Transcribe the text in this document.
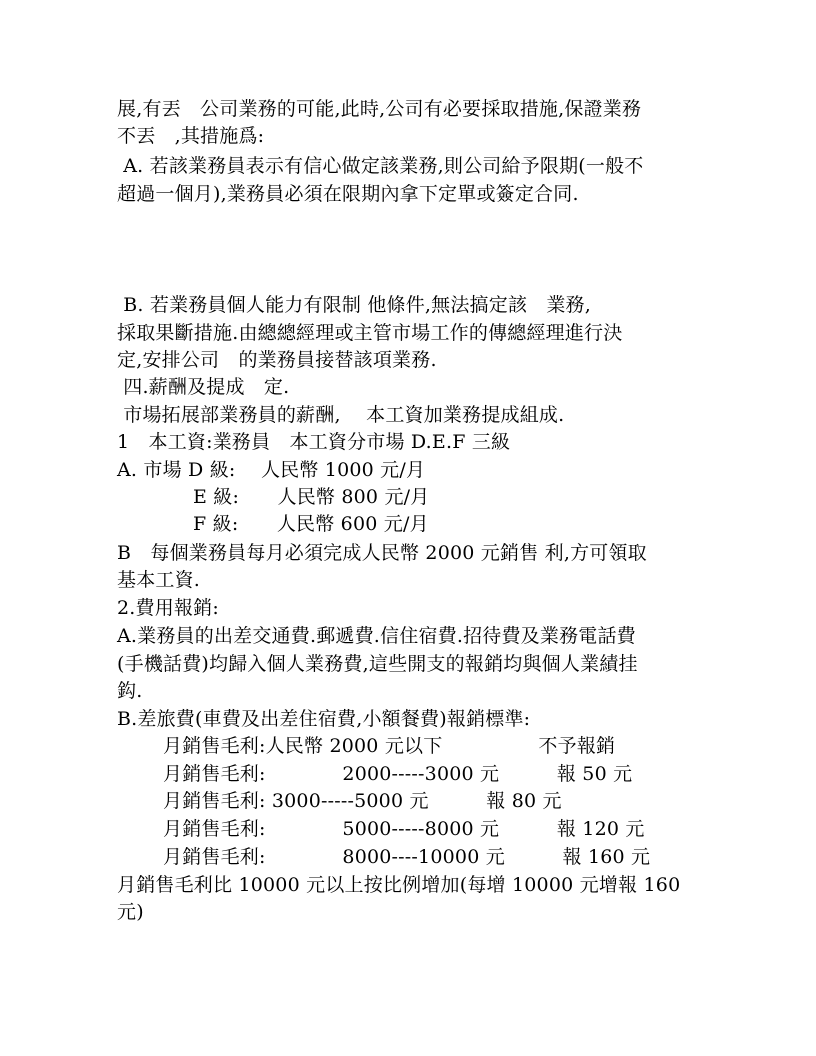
展,有丟　公司業務的可能,此時,公司有必要採取措施,保證業務
不丟　,其措施爲:
A. 若該業務員表示有信心做定該業務,則公司給予限期(一般不
超過一個月),業務員必須在限期內拿下定單或簽定合同.
B. 若業務員個人能力有限制 他條件,無法搞定該　業務,
採取果斷措施.由總總經理或主管市場工作的傳總經理進行決
定,安排公司　的業務員接替該項業務.
四.薪酬及提成　定.
市場拓展部業務員的薪酬,　 本工資加業務提成組成.
1　本工資:業務員　本工資分市場 D.E.F 三級
A. 市場 D 級:　 人民幣 1000 元/月
E 級:　　人民幣 800 元/月
F 級:　　人民幣 600 元/月
B　每個業務員每月必須完成人民幣 2000 元銷售 利,方可領取
基本工資.
2.費用報銷:
A.業務員的出差交通費.郵遞費.信住宿費.招待費及業務電話費
(手機話費)均歸入個人業務費,這些開支的報銷均與個人業績挂
鈎.
B.差旅費(車費及出差住宿費,小額餐費)報銷標準:
月銷售毛利:人民幣 2000 元以下　　　　　不予報銷
月銷售毛利:　　　　2000-----3000 元　　　報 50 元
月銷售毛利: 3000-----5000 元　　　報 80 元
月銷售毛利:　　　　5000-----8000 元　　　報 120 元
月銷售毛利:　　　　8000----10000 元　　　報 160 元
月銷售毛利比 10000 元以上按比例增加(每增 10000 元增報 160
元)
